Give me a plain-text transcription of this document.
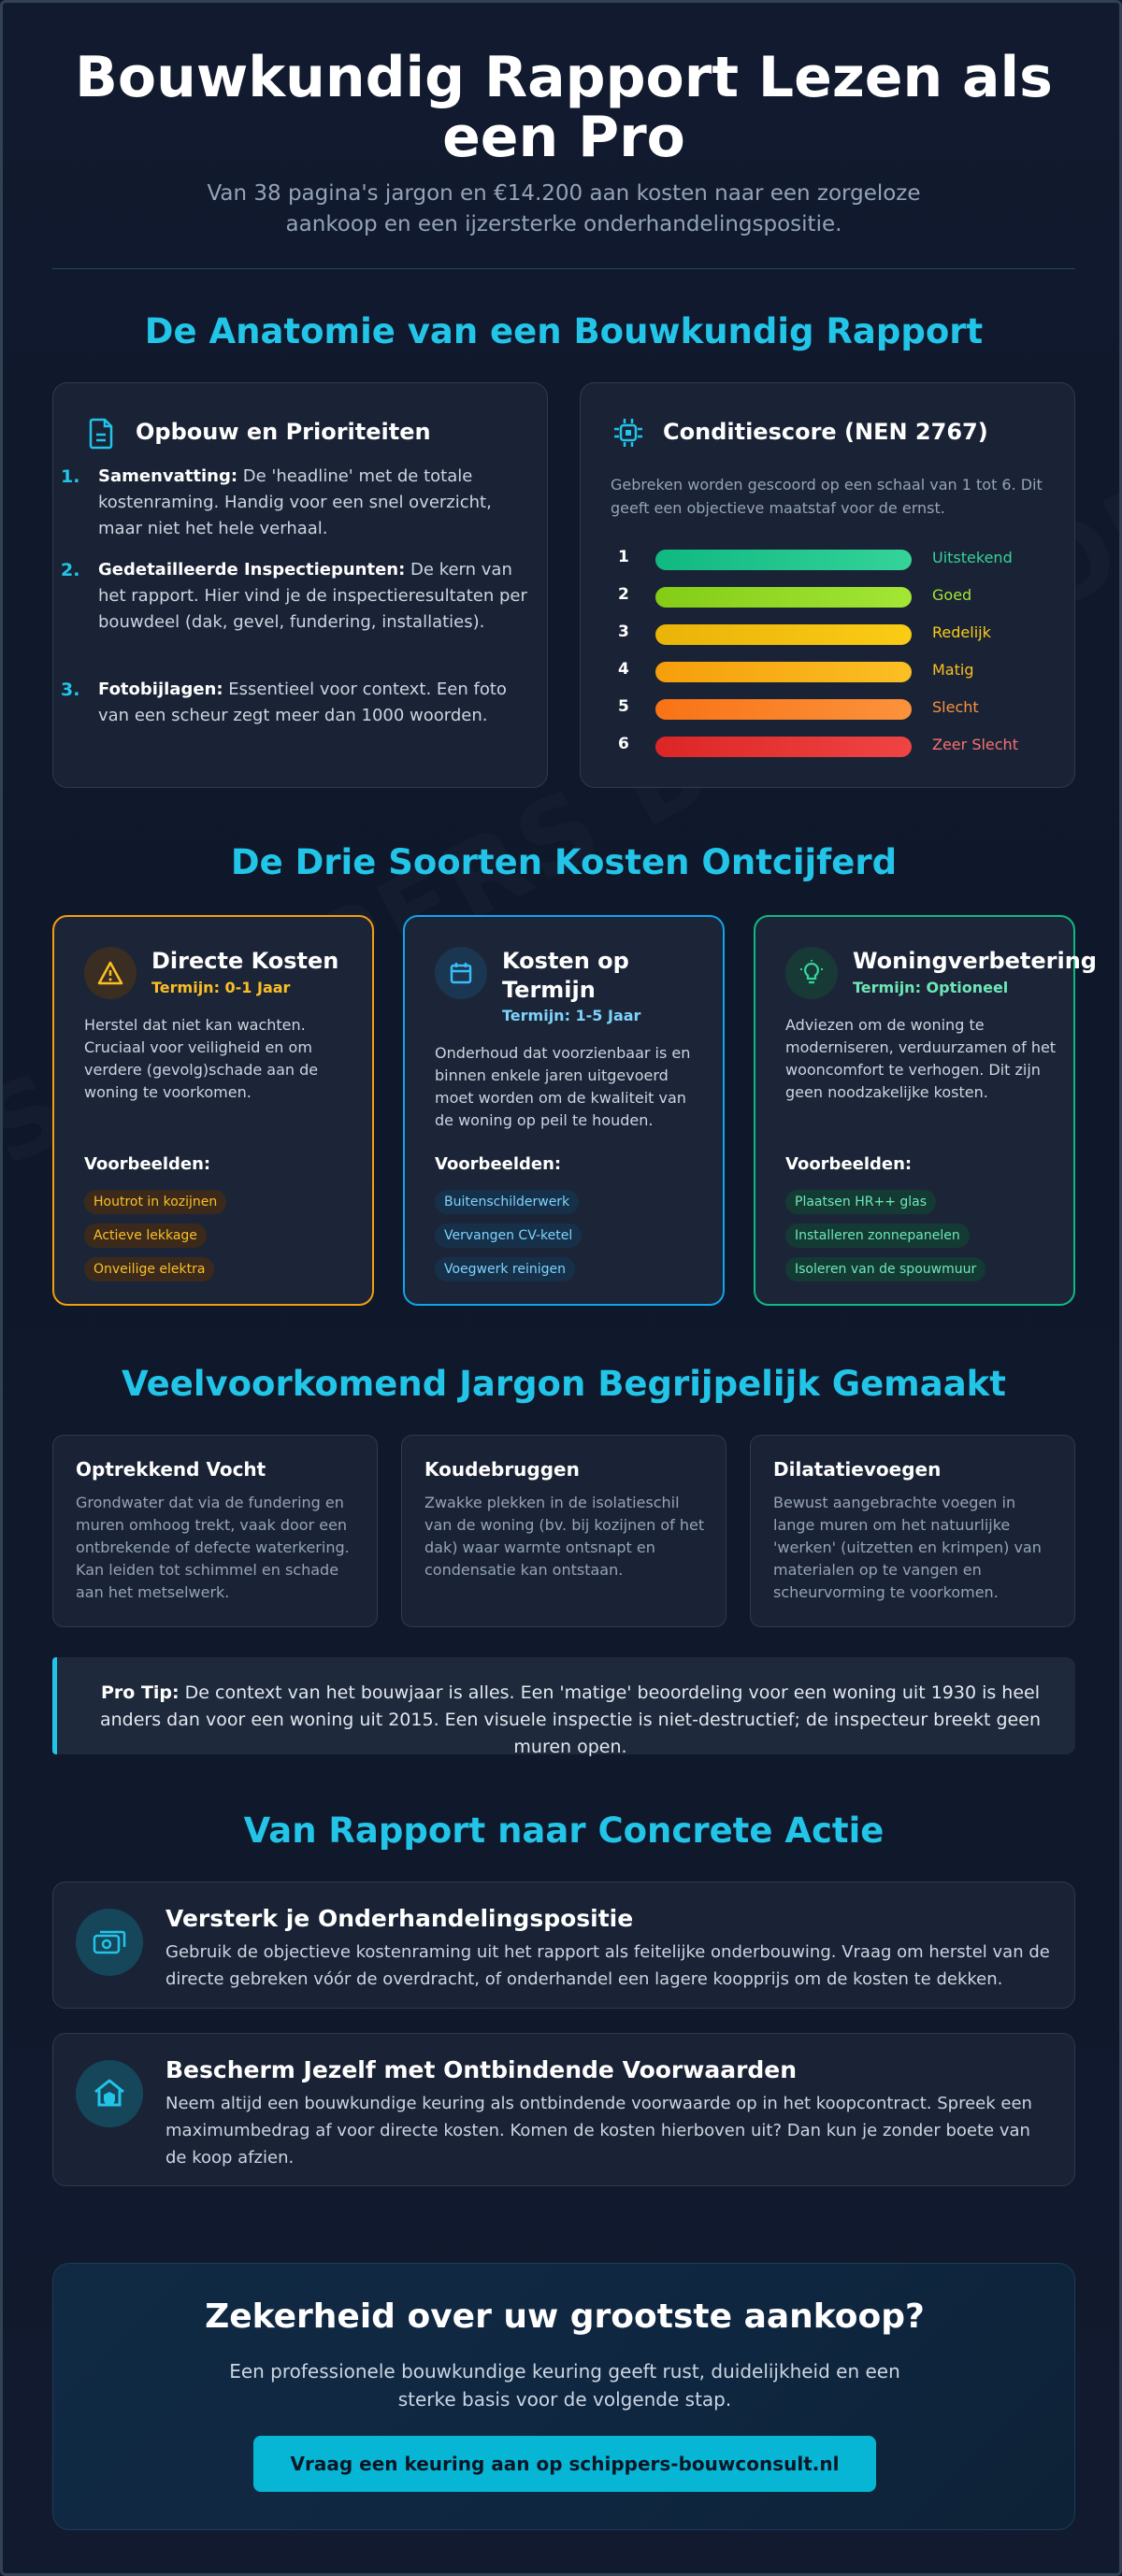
Bouwkundig Rapport Lezen als een Pro

Van 38 pagina's jargon en €14.200 aan kosten naar een zorgeloze aankoop en een ijzersterke onderhandelingspositie.

De Anatomie van een Bouwkundig Rapport
Opbouw en Prioriteiten
1. Samenvatting: De 'headline' met de totale kostenraming. Handig voor een snel overzicht, maar niet het hele verhaal.
2. Gedetailleerde Inspectiepunten: De kern van het rapport. Hier vind je de inspectieresultaten per bouwdeel (dak, gevel, fundering, installaties).
3. Fotobijlagen: Essentieel voor context. Een foto van een scheur zegt meer dan 1000 woorden.
Conditiescore (NEN 2767)
Gebreken worden gescoord op een schaal van 1 tot 6. Dit geeft een objectieve maatstaf voor de ernst.
1	Uitstekend
2	Goed
3	Redelijk
4	Matig
5	Slecht
6	Zeer Slecht
De Drie Soorten Kosten Ontcijferd
Directe Kosten
Termijn: 0-1 Jaar
Herstel dat niet kan wachten. Cruciaal voor veiligheid en om verdere (gevolg)schade aan de woning te voorkomen.
Voorbeelden:
Houtrot in kozijnen
Actieve lekkage
Onveilige elektra
Kosten op Termijn
Termijn: 1-5 Jaar
Onderhoud dat voorzienbaar is en binnen enkele jaren uitgevoerd moet worden om de kwaliteit van de woning op peil te houden.
Voorbeelden:
Buitenschilderwerk
Vervangen CV-ketel
Voegwerk reinigen
Woningverbetering
Termijn: Optioneel
Adviezen om de woning te moderniseren, verduurzamen of het wooncomfort te verhogen. Dit zijn geen noodzakelijke kosten.
Voorbeelden:
Plaatsen HR++ glas
Installeren zonnepanelen
Isoleren van de spouwmuur
Veelvoorkomend Jargon Begrijpelijk Gemaakt
Optrekkend Vocht
Grondwater dat via de fundering en muren omhoog trekt, vaak door een ontbrekende of defecte waterkering. Kan leiden tot schimmel en schade aan het metselwerk.
Koudebruggen
Zwakke plekken in de isolatieschil van de woning (bv. bij kozijnen of het dak) waar warmte ontsnapt en condensatie kan ontstaan.
Dilatatievoegen
Bewust aangebrachte voegen in lange muren om het natuurlijke 'werken' (uitzetten en krimpen) van materialen op te vangen en scheurvorming te voorkomen.
Pro Tip: De context van het bouwjaar is alles. Een 'matige' beoordeling voor een woning uit 1930 is heel anders dan voor een woning uit 2015. Een visuele inspectie is niet-destructief; de inspecteur breekt geen muren open.
Van Rapport naar Concrete Actie
Versterk je Onderhandelingspositie
Gebruik de objectieve kostenraming uit het rapport als feitelijke onderbouwing. Vraag om herstel van de directe gebreken vóór de overdracht, of onderhandel een lagere koopprijs om de kosten te dekken.
Bescherm Jezelf met Ontbindende Voorwaarden
Neem altijd een bouwkundige keuring als ontbindende voorwaarde op in het koopcontract. Spreek een maximumbedrag af voor directe kosten. Komen de kosten hierboven uit? Dan kun je zonder boete van de koop afzien.
Zekerheid over uw grootste aankoop?
Een professionele bouwkundige keuring geeft rust, duidelijkheid en een sterke basis voor de volgende stap.
Vraag een keuring aan op schippers-bouwconsult.nl
